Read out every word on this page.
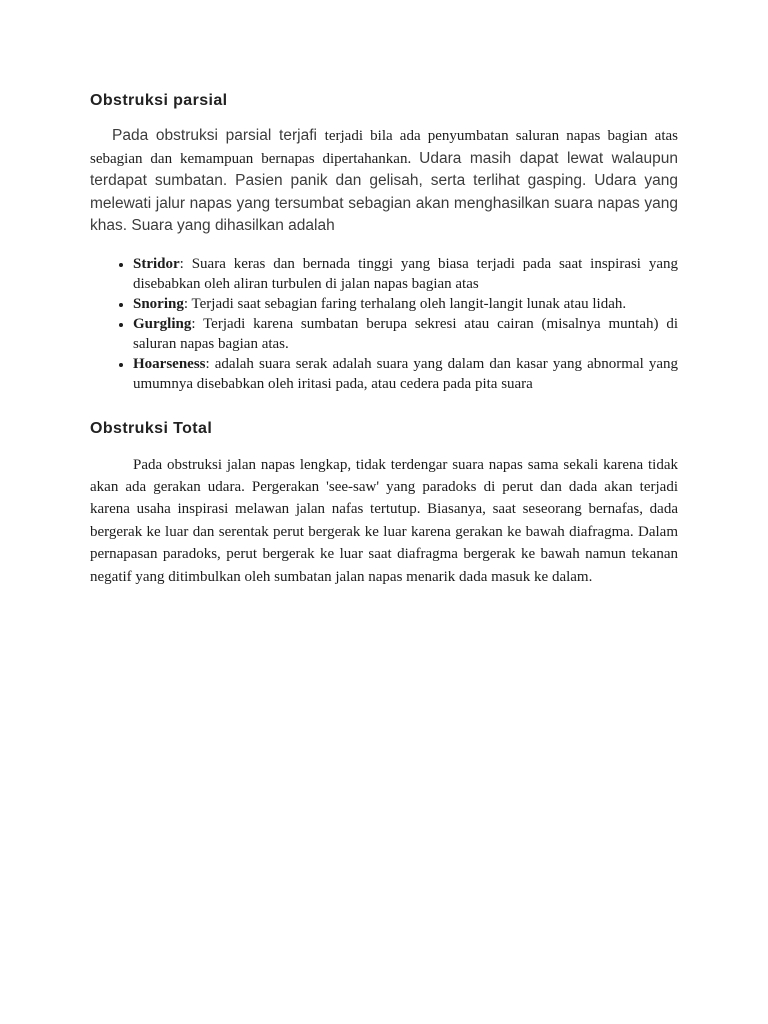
Obstruksi parsial

Pada obstruksi parsial terjafi terjadi bila ada penyumbatan saluran napas bagian atas sebagian dan kemampuan bernapas dipertahankan. Udara masih dapat lewat walaupun terdapat sumbatan. Pasien panik dan gelisah, serta terlihat gasping. Udara yang melewati jalur napas yang tersumbat sebagian akan menghasilkan suara napas yang khas. Suara yang dihasilkan adalah

• Stridor: Suara keras dan bernada tinggi yang biasa terjadi pada saat inspirasi yang disebabkan oleh aliran turbulen di jalan napas bagian atas
• Snoring: Terjadi saat sebagian faring terhalang oleh langit-langit lunak atau lidah.
• Gurgling: Terjadi karena sumbatan berupa sekresi atau cairan (misalnya muntah) di saluran napas bagian atas.
• Hoarseness: adalah suara serak adalah suara yang dalam dan kasar yang abnormal yang umumnya disebabkan oleh iritasi pada, atau cedera pada pita suara
Obstruksi Total

Pada obstruksi jalan napas lengkap, tidak terdengar suara napas sama sekali karena tidak akan ada gerakan udara. Pergerakan 'see-saw' yang paradoks di perut dan dada akan terjadi karena usaha inspirasi melawan jalan nafas tertutup. Biasanya, saat seseorang bernafas, dada bergerak ke luar dan serentak perut bergerak ke luar karena gerakan ke bawah diafragma. Dalam pernapasan paradoks, perut bergerak ke luar saat diafragma bergerak ke bawah namun tekanan negatif yang ditimbulkan oleh sumbatan jalan napas menarik dada masuk ke dalam.
